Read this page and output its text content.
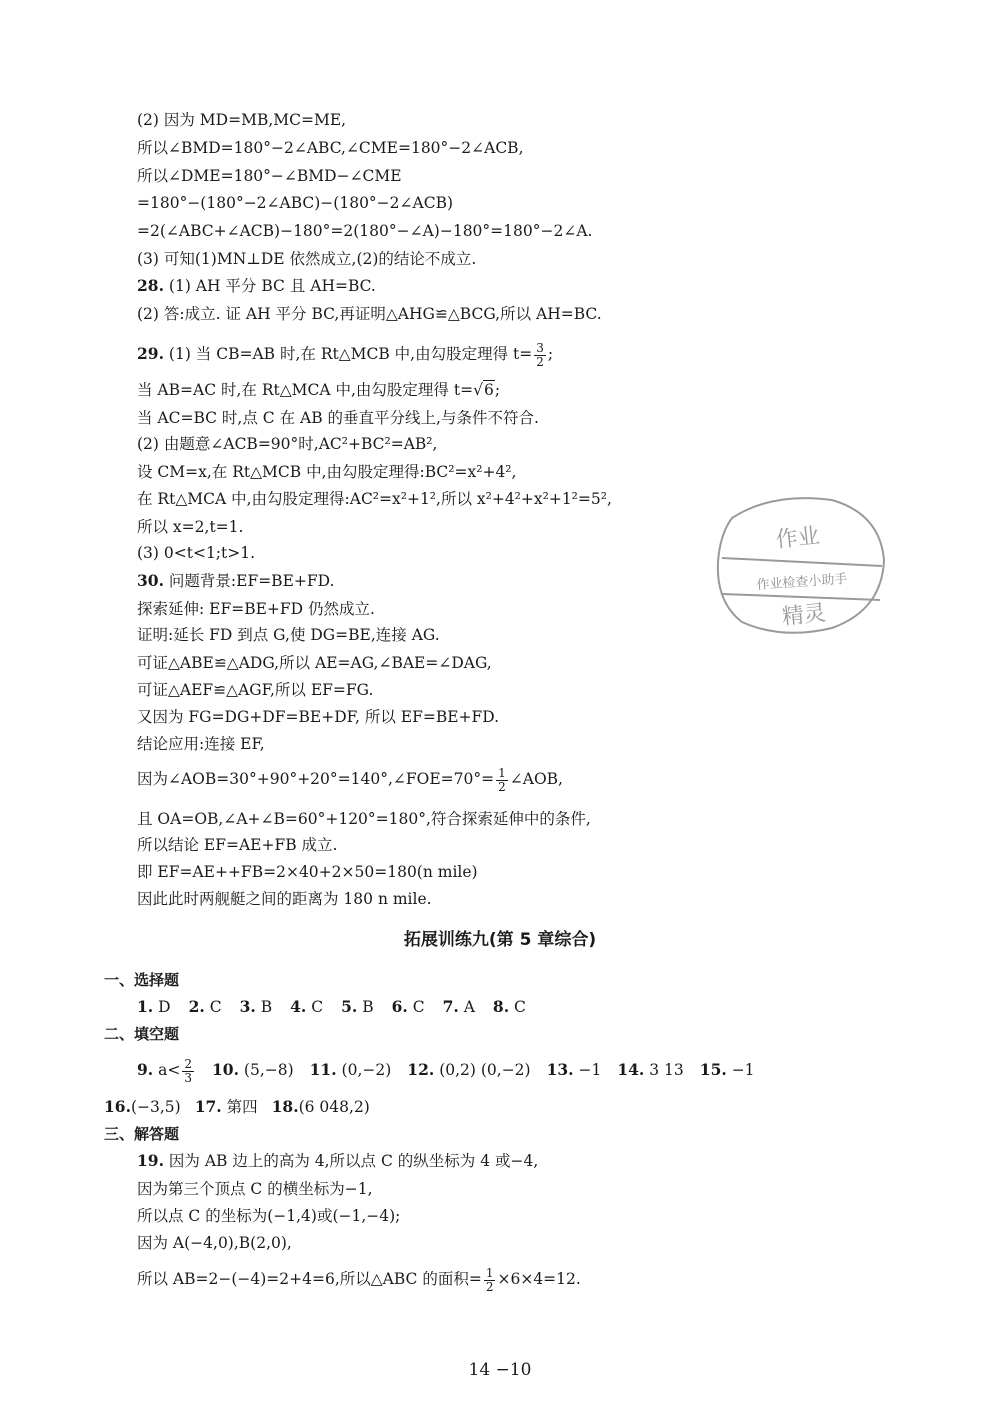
(2) 因为 MD=MB,MC=ME,
所以∠BMD=180°−2∠ABC,∠CME=180°−2∠ACB,
所以∠DME=180°−∠BMD−∠CME
=180°−(180°−2∠ABC)−(180°−2∠ACB)
=2(∠ABC+∠ACB)−180°=2(180°−∠A)−180°=180°−2∠A.
(3) 可知(1)MN⊥DE 依然成立,(2)的结论不成立.
28. (1) AH 平分 BC 且 AH=BC.
(2) 答:成立. 证 AH 平分 BC,再证明△AHG≌△BCG,所以 AH=BC.
29. (1) 当 CB=AB 时,在 Rt△MCB 中,由勾股定理得 $t= \frac{3}{2}$ ;
当 AB=AC 时,在 Rt△MCA 中,由勾股定理得 t=√6;
当 AC=BC 时,点 C 在 AB 的垂直平分线上,与条件不符合.
(2) 由题意∠ACB=90°时,AC²+BC²=AB²,
设 CM=x,在 Rt△MCB 中,由勾股定理得:BC²=x²+4²,
在 Rt△MCA 中,由勾股定理得:AC²=x²+1²,所以 x²+4²+x²+1²=5²,
所以 x=2,t=1.
(3) 0<t<1;t>1.
30. 问题背景:EF=BE+FD.
探索延伸: EF=BE+FD 仍然成立.
证明:延长 FD 到点 G,使 DG=BE,连接 AG.
可证△ABE≌△ADG,所以 AE=AG,∠BAE=∠DAG,
可证△AEF≌△AGF,所以 EF=FG.
又因为 FG=DG+DF=BE+DF, 所以 EF=BE+FD.
结论应用:连接 EF,
因为∠AOB=30°+90°+20°=140°,∠FOE=70°= $\frac{1}{2}$ ∠AOB,
且 OA=OB,∠A+∠B=60°+120°=180°,符合探索延伸中的条件,
所以结论 EF=AE+FB 成立.
即 EF=AE++FB=2×40+2×50=180(n mile)
因此此时两舰艇之间的距离为 180 n mile.
作业
作业检查小助手
精灵
拓展训练九(第 5 章综合)
一、选择题
1. D 2. C 3. B 4. C 5. B 6. C 7. A 8. C
二、填空题
9. $a< \frac{2}{3} 10$. (5,−8) 11. (0,−2) 12. (0,2) (0,−2) 13. −1 14. 3 13 15. −1
16.(−3,5) 17. 第四 18.(6 048,2)
三、解答题
19. 因为 AB 边上的高为 4,所以点 C 的纵坐标为 4 或−4,
因为第三个顶点 C 的横坐标为−1,
所以点 C 的坐标为(−1,4)或(−1,−4);
因为 A(−4,0),B(2,0),
所以 AB=2−(−4)=2+4=6,所以△ABC 的面积= $\frac{1}{2} \times 6\times 4=12$.
14 −10
